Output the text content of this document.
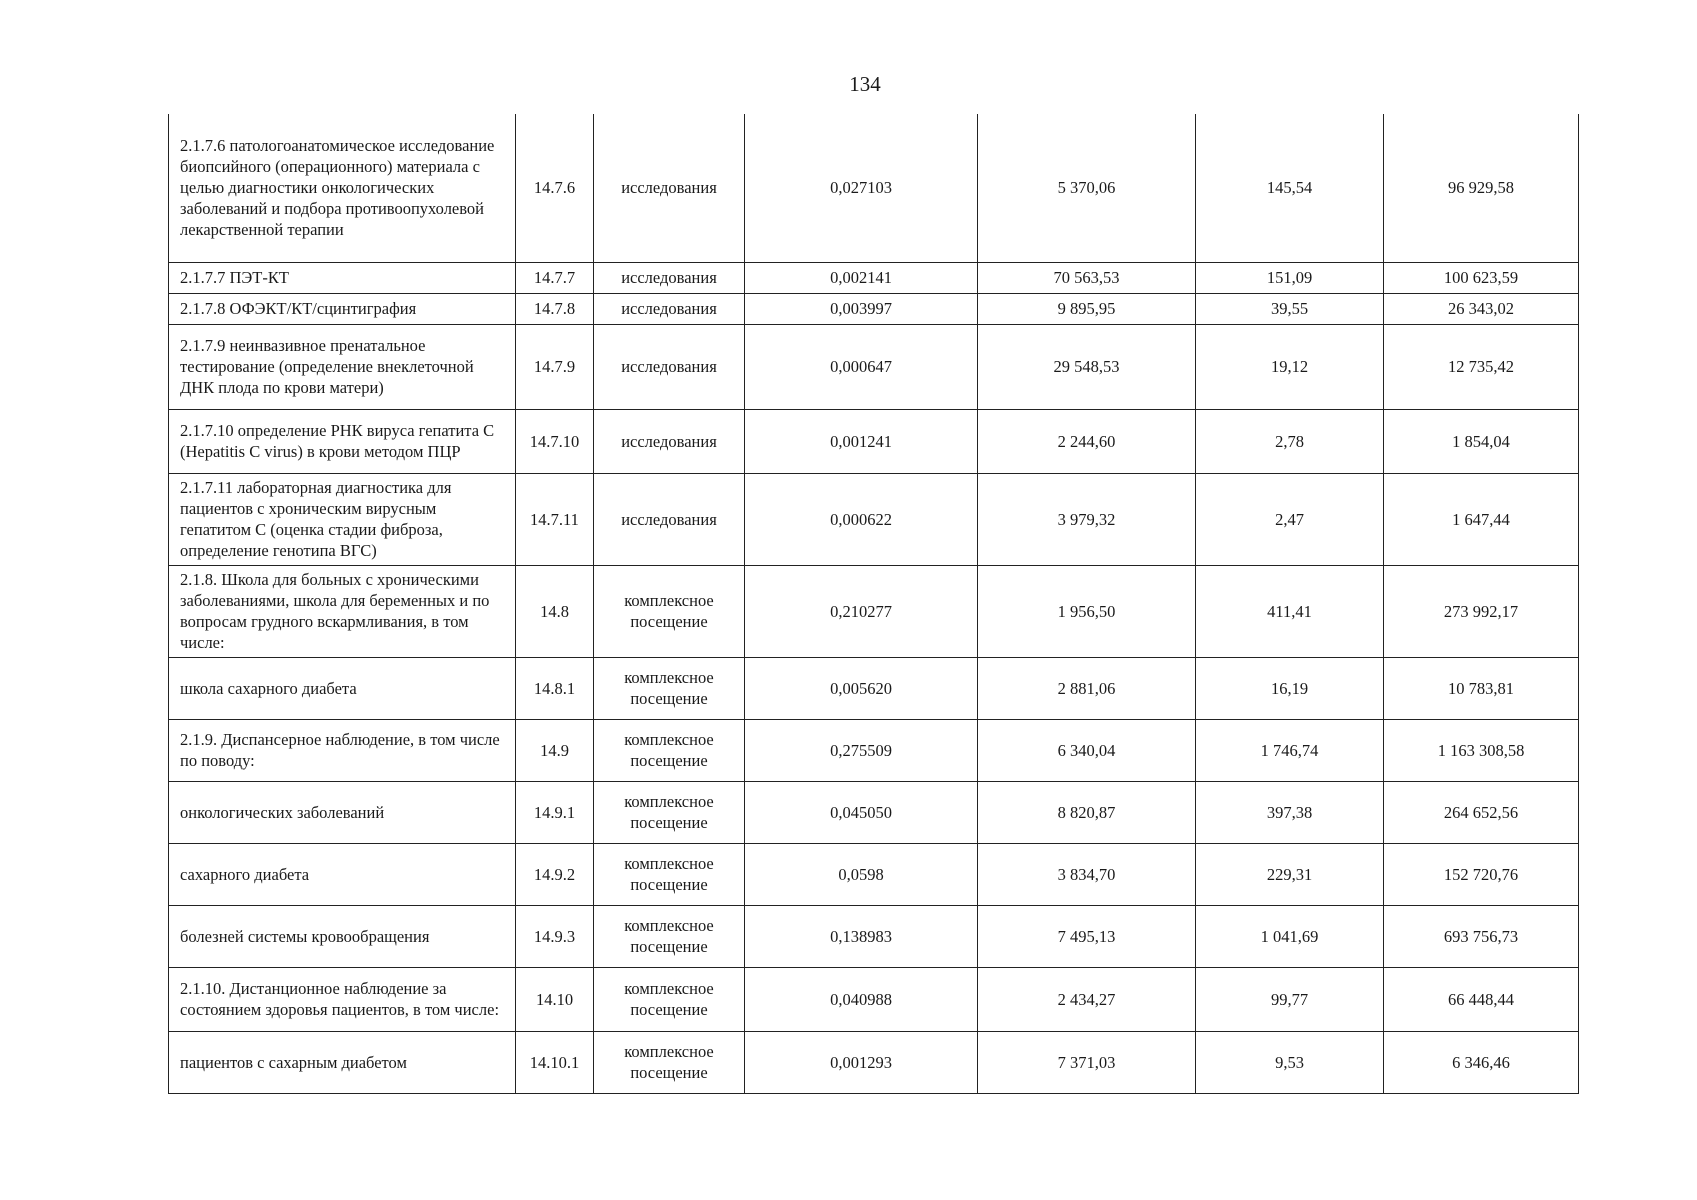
134
2.1.7.6 патологоанатомическое исследование биопсийного (операционного) материала с целью диагностики онкологических заболеваний и подбора противоопухолевой лекарственной терапии	14.7.6	исследования	0,027103	5 370,06	145,54	96 929,58
2.1.7.7 ПЭТ-КТ	14.7.7	исследования	0,002141	70 563,53	151,09	100 623,59
2.1.7.8 ОФЭКТ/КТ/сцинтиграфия	14.7.8	исследования	0,003997	9 895,95	39,55	26 343,02
2.1.7.9 неинвазивное пренатальное тестирование (определение внеклеточной ДНК плода по крови матери)	14.7.9	исследования	0,000647	29 548,53	19,12	12 735,42
2.1.7.10 определение РНК вируса гепатита С (Hepatitis C virus) в крови методом ПЦР	14.7.10	исследования	0,001241	2 244,60	2,78	1 854,04
2.1.7.11 лабораторная диагностика для пациентов с хроническим вирусным гепатитом С (оценка стадии фиброза, определение генотипа ВГС)	14.7.11	исследования	0,000622	3 979,32	2,47	1 647,44
2.1.8. Школа для больных с хроническими заболеваниями, школа для беременных и по вопросам грудного вскармливания, в том числе:	14.8	комплексное посещение	0,210277	1 956,50	411,41	273 992,17
школа сахарного диабета	14.8.1	комплексное посещение	0,005620	2 881,06	16,19	10 783,81
2.1.9. Диспансерное наблюдение, в том числе по поводу:	14.9	комплексное посещение	0,275509	6 340,04	1 746,74	1 163 308,58
онкологических заболеваний	14.9.1	комплексное посещение	0,045050	8 820,87	397,38	264 652,56
сахарного диабета	14.9.2	комплексное посещение	0,0598	3 834,70	229,31	152 720,76
болезней системы кровообращения	14.9.3	комплексное посещение	0,138983	7 495,13	1 041,69	693 756,73
2.1.10. Дистанционное наблюдение за состоянием здоровья пациентов, в том числе:	14.10	комплексное посещение	0,040988	2 434,27	99,77	66 448,44
пациентов с сахарным диабетом	14.10.1	комплексное посещение	0,001293	7 371,03	9,53	6 346,46
